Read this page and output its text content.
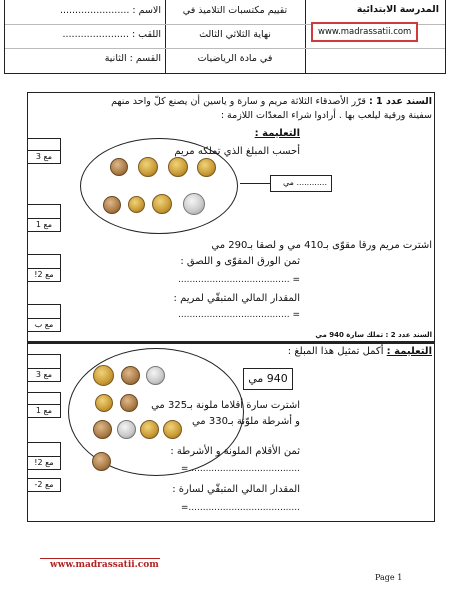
المدرسة الابتدائية
www.madrassatii.com
تقييم مكتسبات التلاميذ في
نهاية الثلاثي الثالث
في مادة الرياضيات
الاسم : .......................
اللقب : ......................
القسم : الثانية
السند عدد 1 : قرّر الأصدقاء الثلاثة مريم و سارة و ياسين أن يصنع كلّ واحد منهم
سفينة ورقية ليلعب بها . أرادوا شراء المعدّات اللازمة :
التعليمة :
أحسب المبلغ الذي تملكه مريم
............ مي
اشترت مريم ورقا مقوّى بـ410 مي و لصقا بـ290 مي
ثمن الورق المقوّى و اللصق :
= .......................................
المقدار المالي المتبقّي لمريم :
= .......................................
مع 3
مع 1
مع 2!
مع ب
السند عدد 2 : تملك سارة 940 مي
التعليمة : أكمل تمثيل هذا المبلغ :
940 مي
اشترت سارة أقلاما ملونة بـ325 مي
و أشرطة ملوّنة بـ330 مي
ثمن الأقلام الملونة و الأشرطة :
.......................................=
المقدار المالي المتبقّي لسارة :
.......................................=
مع 3
مع 1
مع 2!
مع 2-
www.madrassatii.com
Page 1
